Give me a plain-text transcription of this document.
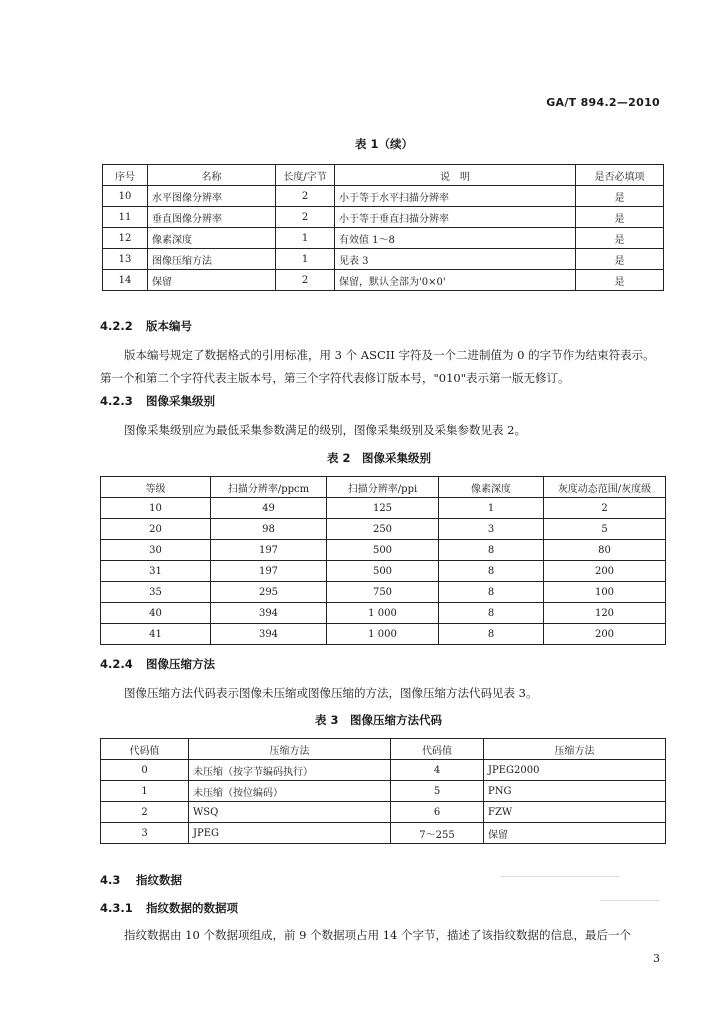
GA/T 894.2—2010
表 1（续）
序号	名称	长度/字节	说　明	是否必填项
10	水平图像分辨率	2	小于等于水平扫描分辨率	是
11	垂直图像分辨率	2	小于等于垂直扫描分辨率	是
12	像素深度	1	有效值 1～8	是
13	图像压缩方法	1	见表 3	是
14	保留	2	保留，默认全部为'0×0'	是
4.2.2 版本编号
版本编号规定了数据格式的引用标准，用 3 个 ASCII 字符及一个二进制值为 0 的字节作为结束符表示。第一个和第二个字符代表主版本号，第三个字符代表修订版本号，"010"表示第一版无修订。
4.2.3 图像采集级别
图像采集级别应为最低采集参数满足的级别，图像采集级别及采集参数见表 2。
表 2　图像采集级别
等级	扫描分辨率/ppcm	扫描分辨率/ppi	像素深度	灰度动态范围/灰度级
10	49	125	1	2
20	98	250	3	5
30	197	500	8	80
31	197	500	8	200
35	295	750	8	100
40	394	1 000	8	120
41	394	1 000	8	200
4.2.4 图像压缩方法
图像压缩方法代码表示图像未压缩或图像压缩的方法，图像压缩方法代码见表 3。
表 3　图像压缩方法代码
代码值	压缩方法	代码值	压缩方法
0	未压缩（按字节编码执行）	4	JPEG2000
1	未压缩（按位编码）	5	PNG
2	WSQ	6	FZW
3	JPEG	7～255	保留
4.3 指纹数据
4.3.1 指纹数据的数据项
指纹数据由 10 个数据项组成，前 9 个数据项占用 14 个字节，描述了该指纹数据的信息，最后一个
3
